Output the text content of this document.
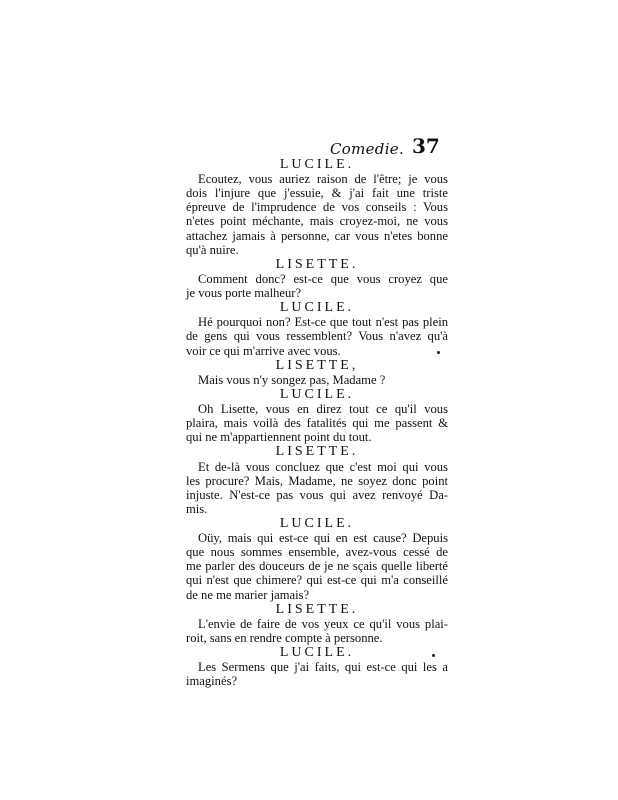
Comedie. 37
LUCILE.
Ecoutez, vous auriez raison de l'être; je vous
dois l'injure que j'essuie, & j'ai fait une triste
épreuve de l'imprudence de vos conseils : Vous
n'etes point méchante, mais croyez-moi, ne vous
attachez jamais à personne, car vous n'etes bonne
qu'à nuire.
LISETTE.
Comment donc? est-ce que vous croyez que
je vous porte malheur?
LUCILE.
Hé pourquoi non? Est-ce que tout n'est pas plein
de gens qui vous ressemblent? Vous n'avez qu'à
voir ce qui m'arrive avec vous.
LISETTE,
Mais vous n'y songez pas, Madame ?
LUCILE.
Oh Lisette, vous en direz tout ce qu'il vous
plaira, mais voilà des fatalités qui me passent &
qui ne m'appartiennent point du tout.
LISETTE.
Et de-là vous concluez que c'est moi qui vous
les procure? Mais, Madame, ne soyez donc point
injuste. N'est-ce pas vous qui avez renvoyé Da-
mis.
LUCILE.
Oüy, mais qui est-ce qui en est cause? Depuis
que nous sommes ensemble, avez-vous cessé de
me parler des douceurs de je ne sçais quelle liberté
qui n'est que chimere? qui est-ce qui m'a conseillé
de ne me marier jamais?
LISETTE.
L'envie de faire de vos yeux ce qu'il vous plai-
roit, sans en rendre compte à personne.
LUCILE.
Les Sermens que j'ai faits, qui est-ce qui les a
imaginés?
